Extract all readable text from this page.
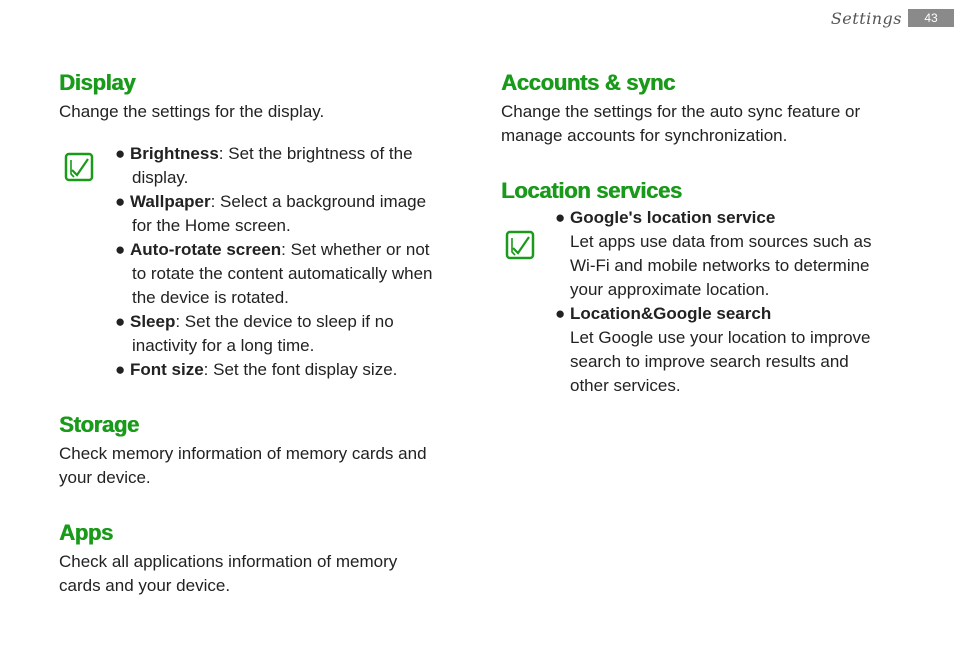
Settings	43
Display

Change the settings for the display.

● Brightness: Set the brightness of the
display.
● Wallpaper: Select a background image
for the Home screen.
● Auto-rotate screen: Set whether or not
to rotate the content automatically when
the device is rotated.
● Sleep: Set the device to sleep if no
inactivity for a long time.
● Font size: Set the font display size.
Storage

Check memory information of memory cards and
your device.

Apps

Check all applications information of memory
cards and your device.

Accounts & sync

Change the settings for the auto sync feature or
manage accounts for synchronization.

Location services
● Google's location service
Let apps use data from sources such as
Wi-Fi and mobile networks to determine
your approximate location.
● Location&Google search
Let Google use your location to improve
search to improve search results and
other services.
